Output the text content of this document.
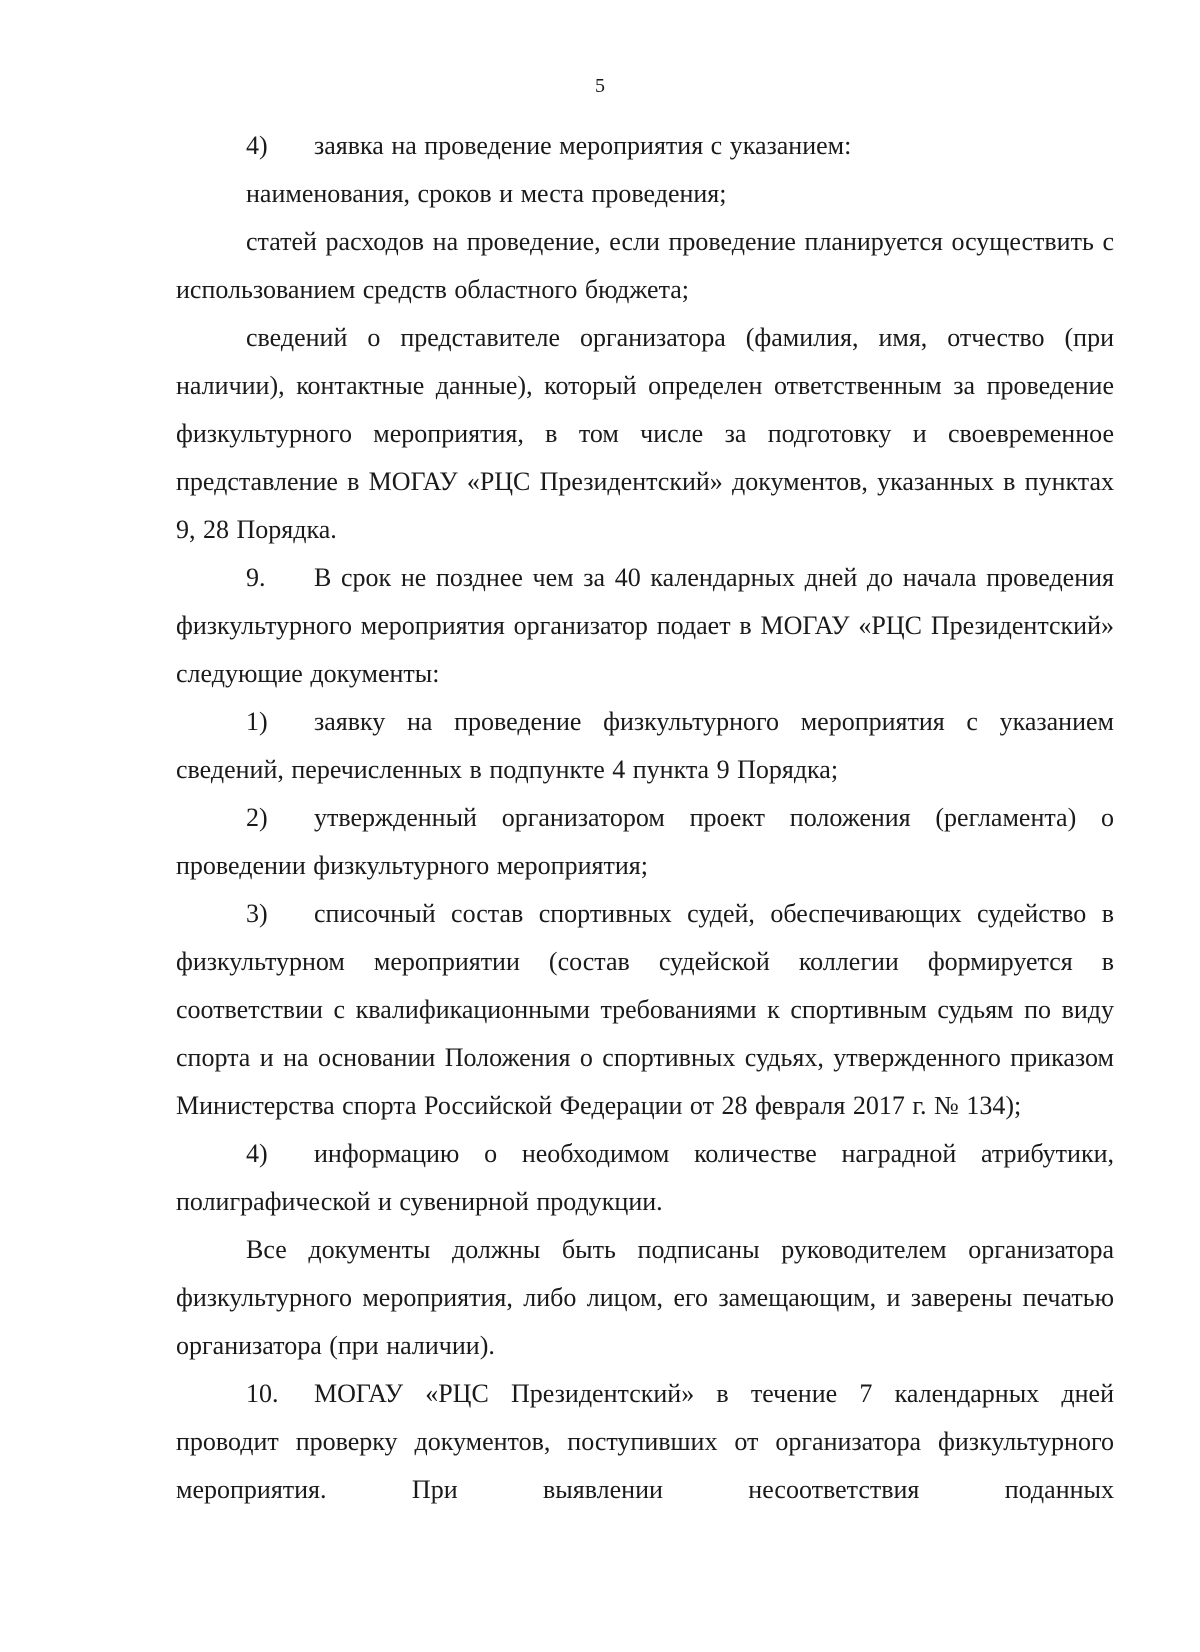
5

4) заявка на проведение мероприятия с указанием:

наименования, сроков и места проведения;

статей расходов на проведение, если проведение планируется осуществить с использованием средств областного бюджета;

сведений о представителе организатора (фамилия, имя, отчество (при наличии), контактные данные), который определен ответственным за проведение физкультурного мероприятия, в том числе за подготовку и своевременное представление в МОГАУ «РЦС Президентский» документов, указанных в пунктах 9, 28 Порядка.

9. В срок не позднее чем за 40 календарных дней до начала проведения физкультурного мероприятия организатор подает в МОГАУ «РЦС Президентский» следующие документы:

1) заявку на проведение физкультурного мероприятия с указанием сведений, перечисленных в подпункте 4 пункта 9 Порядка;

2) утвержденный организатором проект положения (регламента) о проведении физкультурного мероприятия;

3) списочный состав спортивных судей, обеспечивающих судейство в физкультурном мероприятии (состав судейской коллегии формируется в соответствии с квалификационными требованиями к спортивным судьям по виду спорта и на основании Положения о спортивных судьях, утвержденного приказом Министерства спорта Российской Федерации от 28 февраля 2017 г. № 134);

4) информацию о необходимом количестве наградной атрибутики, полиграфической и сувенирной продукции.

Все документы должны быть подписаны руководителем организатора физкультурного мероприятия, либо лицом, его замещающим, и заверены печатью организатора (при наличии).

10. МОГАУ «РЦС Президентский» в течение 7 календарных дней проводит проверку документов, поступивших от организатора физкультурного мероприятия. При выявлении несоответствия поданных
